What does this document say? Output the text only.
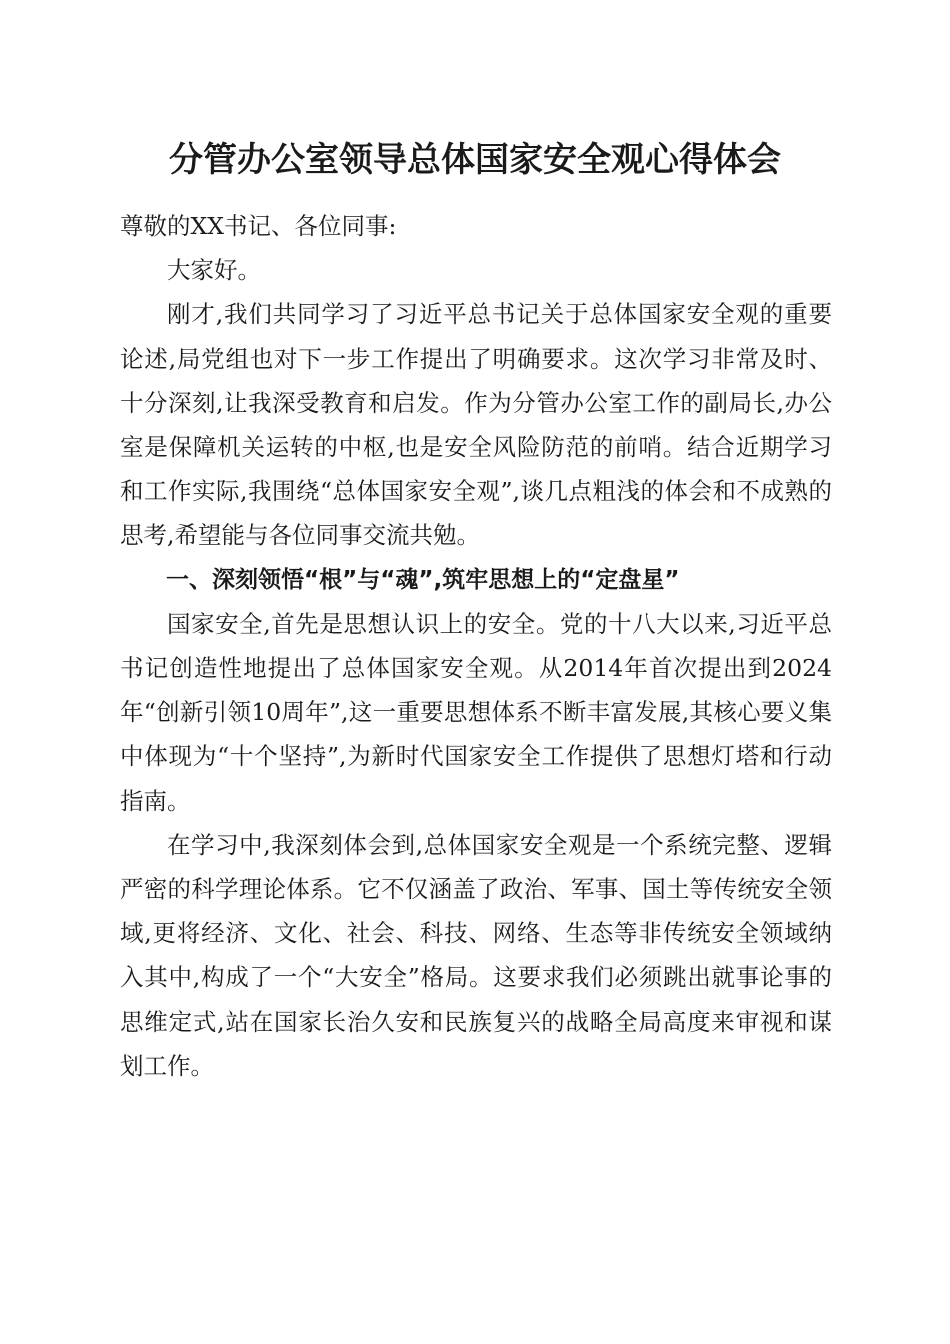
分管办公室领导总体国家安全观心得体会

尊敬的XX书记、各位同事:

大家好。

刚才,我们共同学习了习近平总书记关于总体国家安全观的重要论述,局党组也对下一步工作提出了明确要求。这次学习非常及时、十分深刻,让我深受教育和启发。作为分管办公室工作的副局长,办公室是保障机关运转的中枢,也是安全风险防范的前哨。结合近期学习和工作实际,我围绕“总体国家安全观”,谈几点粗浅的体会和不成熟的思考,希望能与各位同事交流共勉。

一、深刻领悟“根”与“魂”,筑牢思想上的“定盘星”

国家安全,首先是思想认识上的安全。党的十八大以来,习近平总书记创造性地提出了总体国家安全观。从2014年首次提出到2024年“创新引领10周年”,这一重要思想体系不断丰富发展,其核心要义集中体现为“十个坚持”,为新时代国家安全工作提供了思想灯塔和行动指南。

在学习中,我深刻体会到,总体国家安全观是一个系统完整、逻辑严密的科学理论体系。它不仅涵盖了政治、军事、国土等传统安全领域,更将经济、文化、社会、科技、网络、生态等非传统安全领域纳入其中,构成了一个“大安全”格局。这要求我们必须跳出就事论事的思维定式,站在国家长治久安和民族复兴的战略全局高度来审视和谋划工作。
